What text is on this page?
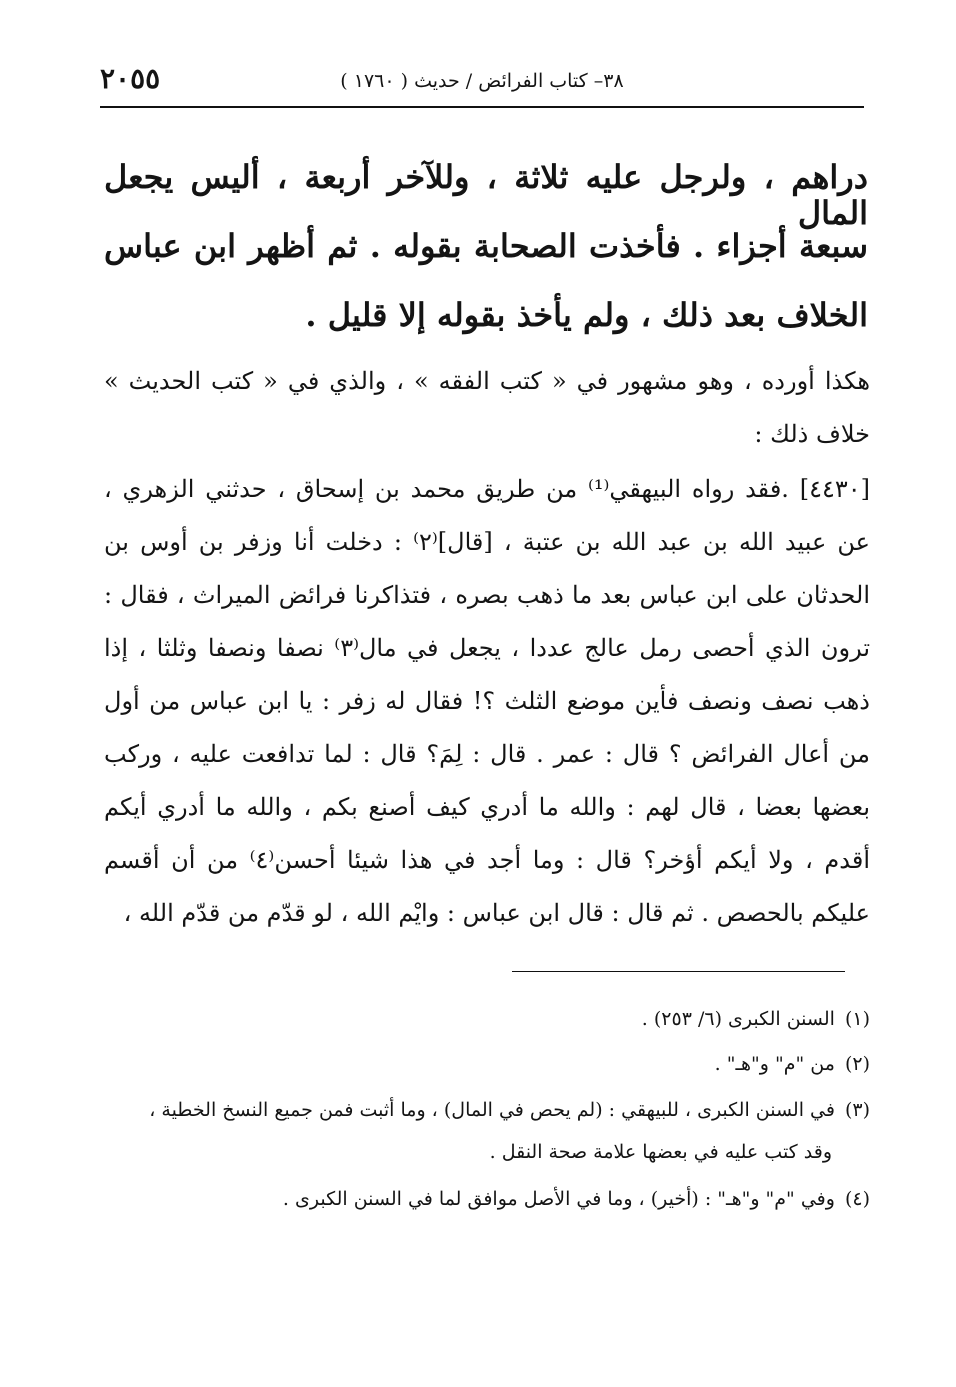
٣٨– كتاب الفرائض / حديث ( ١٧٦٠ )
٢٠٥٥
دراهم ، ولرجل عليه ثلاثة ، وللآخر أربعة ، أليس يجعل المال
سبعة أجزاء . فأخذت الصحابة بقوله . ثم أظهر ابن عباس
الخلاف بعد ذلك ، ولم يأخذ بقوله إلا قليل .
هكذا أورده ، وهو مشهور في « كتب الفقه » ، والذي في « كتب الحديث »
خلاف ذلك :
[٤٤٣٠] .فقد رواه البيهقي⁽¹⁾ من طريق محمد بن إسحاق ، حدثني الزهري ،
عن عبيد الله بن عبد الله بن عتبة ، [قال]⁽٢⁾ : دخلت أنا وزفر بن أوس بن
الحدثان على ابن عباس بعد ما ذهب بصره ، فتذاكرنا فرائض الميراث ، فقال :
ترون الذي أحصى رمل عالج عددا ، يجعل في مال⁽٣⁾ نصفا ونصفا وثلثا ، إذا
ذهب نصف ونصف فأين موضع الثلث ؟! فقال له زفر : يا ابن عباس من أول
من أعال الفرائض ؟ قال : عمر . قال : لِمَ؟ قال : لما تدافعت عليه ، وركب
بعضها بعضا ، قال لهم : والله ما أدري كيف أصنع بكم ، والله ما أدري أيكم
أقدم ، ولا أيكم أؤخر؟ قال : وما أجد في هذا شيئا أحسن⁽٤⁾ من أن أقسم
عليكم بالحصص . ثم قال : قال ابن عباس : وايْم الله ، لو قدّم من قدّم الله ،
(١)السنن الكبرى (٦/ ٢٥٣) .
(٢)من "م" و"هـ" .
(٣)في السنن الكبرى ، للبيهقي : (لم يحص في المال) ، وما أثبت فمن جميع النسخ الخطية ،
وقد كتب عليه في بعضها علامة صحة النقل .
(٤)وفي "م" و"هـ" : (أخير) ، وما في الأصل موافق لما في السنن الكبرى .
